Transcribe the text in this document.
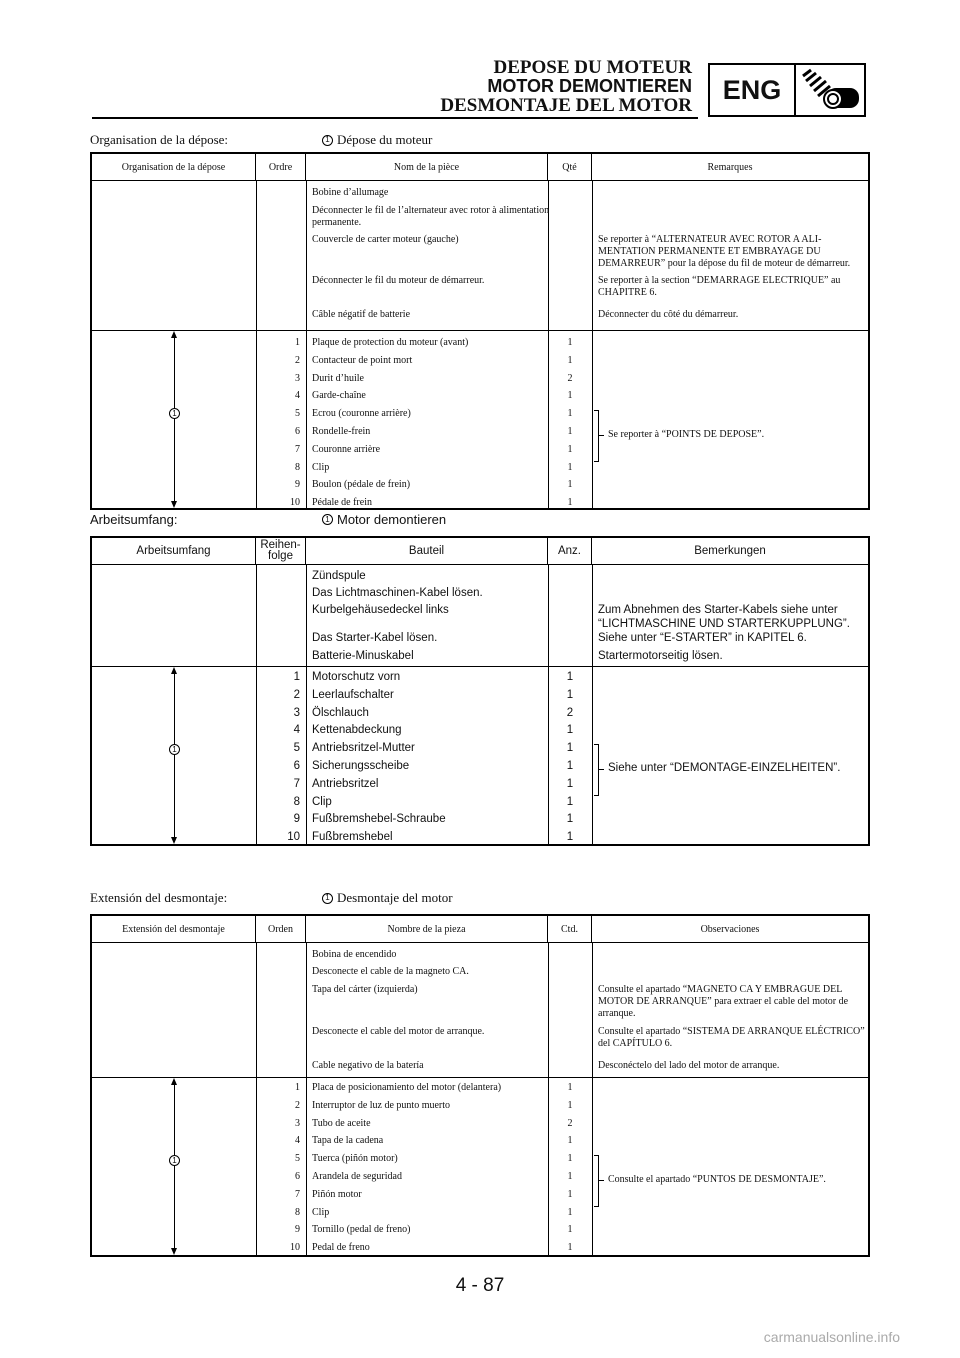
DEPOSE DU MOTEUR
MOTOR DEMONTIEREN
DESMONTAJE DEL MOTOR
ENG
Organisation de la dépose:	1 Dépose du moteur
Organisation de la dépose	Ordre	Nom de la pièce	Qté	Remarques
Bobine d’allumage
Déconnecter le fil de l’alternateur avec rotor à alimentation permanente.
Couvercle de carter moteur (gauche)	Se reporter à “ALTERNATEUR AVEC ROTOR A ALI-MENTATION PERMANENTE ET EMBRAYAGE DU DEMARREUR” pour la dépose du fil de moteur de démarreur.
Déconnecter le fil du moteur de démarreur.	Se reporter à la section “DEMARRAGE ELECTRIQUE” au CHAPITRE 6.
Câble négatif de batterie	Déconnecter du côté du démarreur.
1
1 Plaque de protection du moteur (avant)	1
2 Contacteur de point mort	1
3 Durit d’huile	2
4 Garde-chaîne	1
5 Ecrou (couronne arrière)	1
6 Rondelle-frein	1
7 Couronne arrière	1
8 Clip	1
9 Boulon (pédale de frein)	1
10 Pédale de frein	1
Se reporter à “POINTS DE DEPOSE”.
Arbeitsumfang:	1 Motor demontieren
Arbeitsumfang	Reihen-folge	Bauteil	Anz.	Bemerkungen
Zündspule
Das Lichtmaschinen-Kabel lösen.
Kurbelgehäusedeckel links	Zum Abnehmen des Starter-Kabels siehe unter “LICHTMASCHINE UND STARTERKUPPLUNG”.
Das Starter-Kabel lösen.	Siehe unter “E-STARTER” in KAPITEL 6.
Batterie-Minuskabel	Startermotorseitig lösen.
1
1 Motorschutz vorn	1
2 Leerlaufschalter	1
3 Ölschlauch	2
4 Kettenabdeckung	1
5 Antriebsritzel-Mutter	1
6 Sicherungsscheibe	1
7 Antriebsritzel	1
8 Clip	1
9 Fußbremshebel-Schraube	1
10 Fußbremshebel	1
Siehe unter “DEMONTAGE-EINZELHEITEN”.
Extensión del desmontaje:	1 Desmontaje del motor
Extensión del desmontaje	Orden	Nombre de la pieza	Ctd.	Observaciones
Bobina de encendido
Desconecte el cable de la magneto CA.
Tapa del cárter (izquierda)	Consulte el apartado “MAGNETO CA Y EMBRAGUE DEL MOTOR DE ARRANQUE” para extraer el cable del motor de arranque.
Desconecte el cable del motor de arranque.	Consulte el apartado “SISTEMA DE ARRANQUE ELÉCTRICO” del CAPÍTULO 6.
Cable negativo de la batería	Desconéctelo del lado del motor de arranque.
1
1 Placa de posicionamiento del motor (delantera)	1
2 Interruptor de luz de punto muerto	1
3 Tubo de aceite	2
4 Tapa de la cadena	1
5 Tuerca (piñón motor)	1
6 Arandela de seguridad	1
7 Piñón motor	1
8 Clip	1
9 Tornillo (pedal de freno)	1
10 Pedal de freno	1
Consulte el apartado “PUNTOS DE DESMONTAJE”.
4 - 87
carmanualsonline.info
